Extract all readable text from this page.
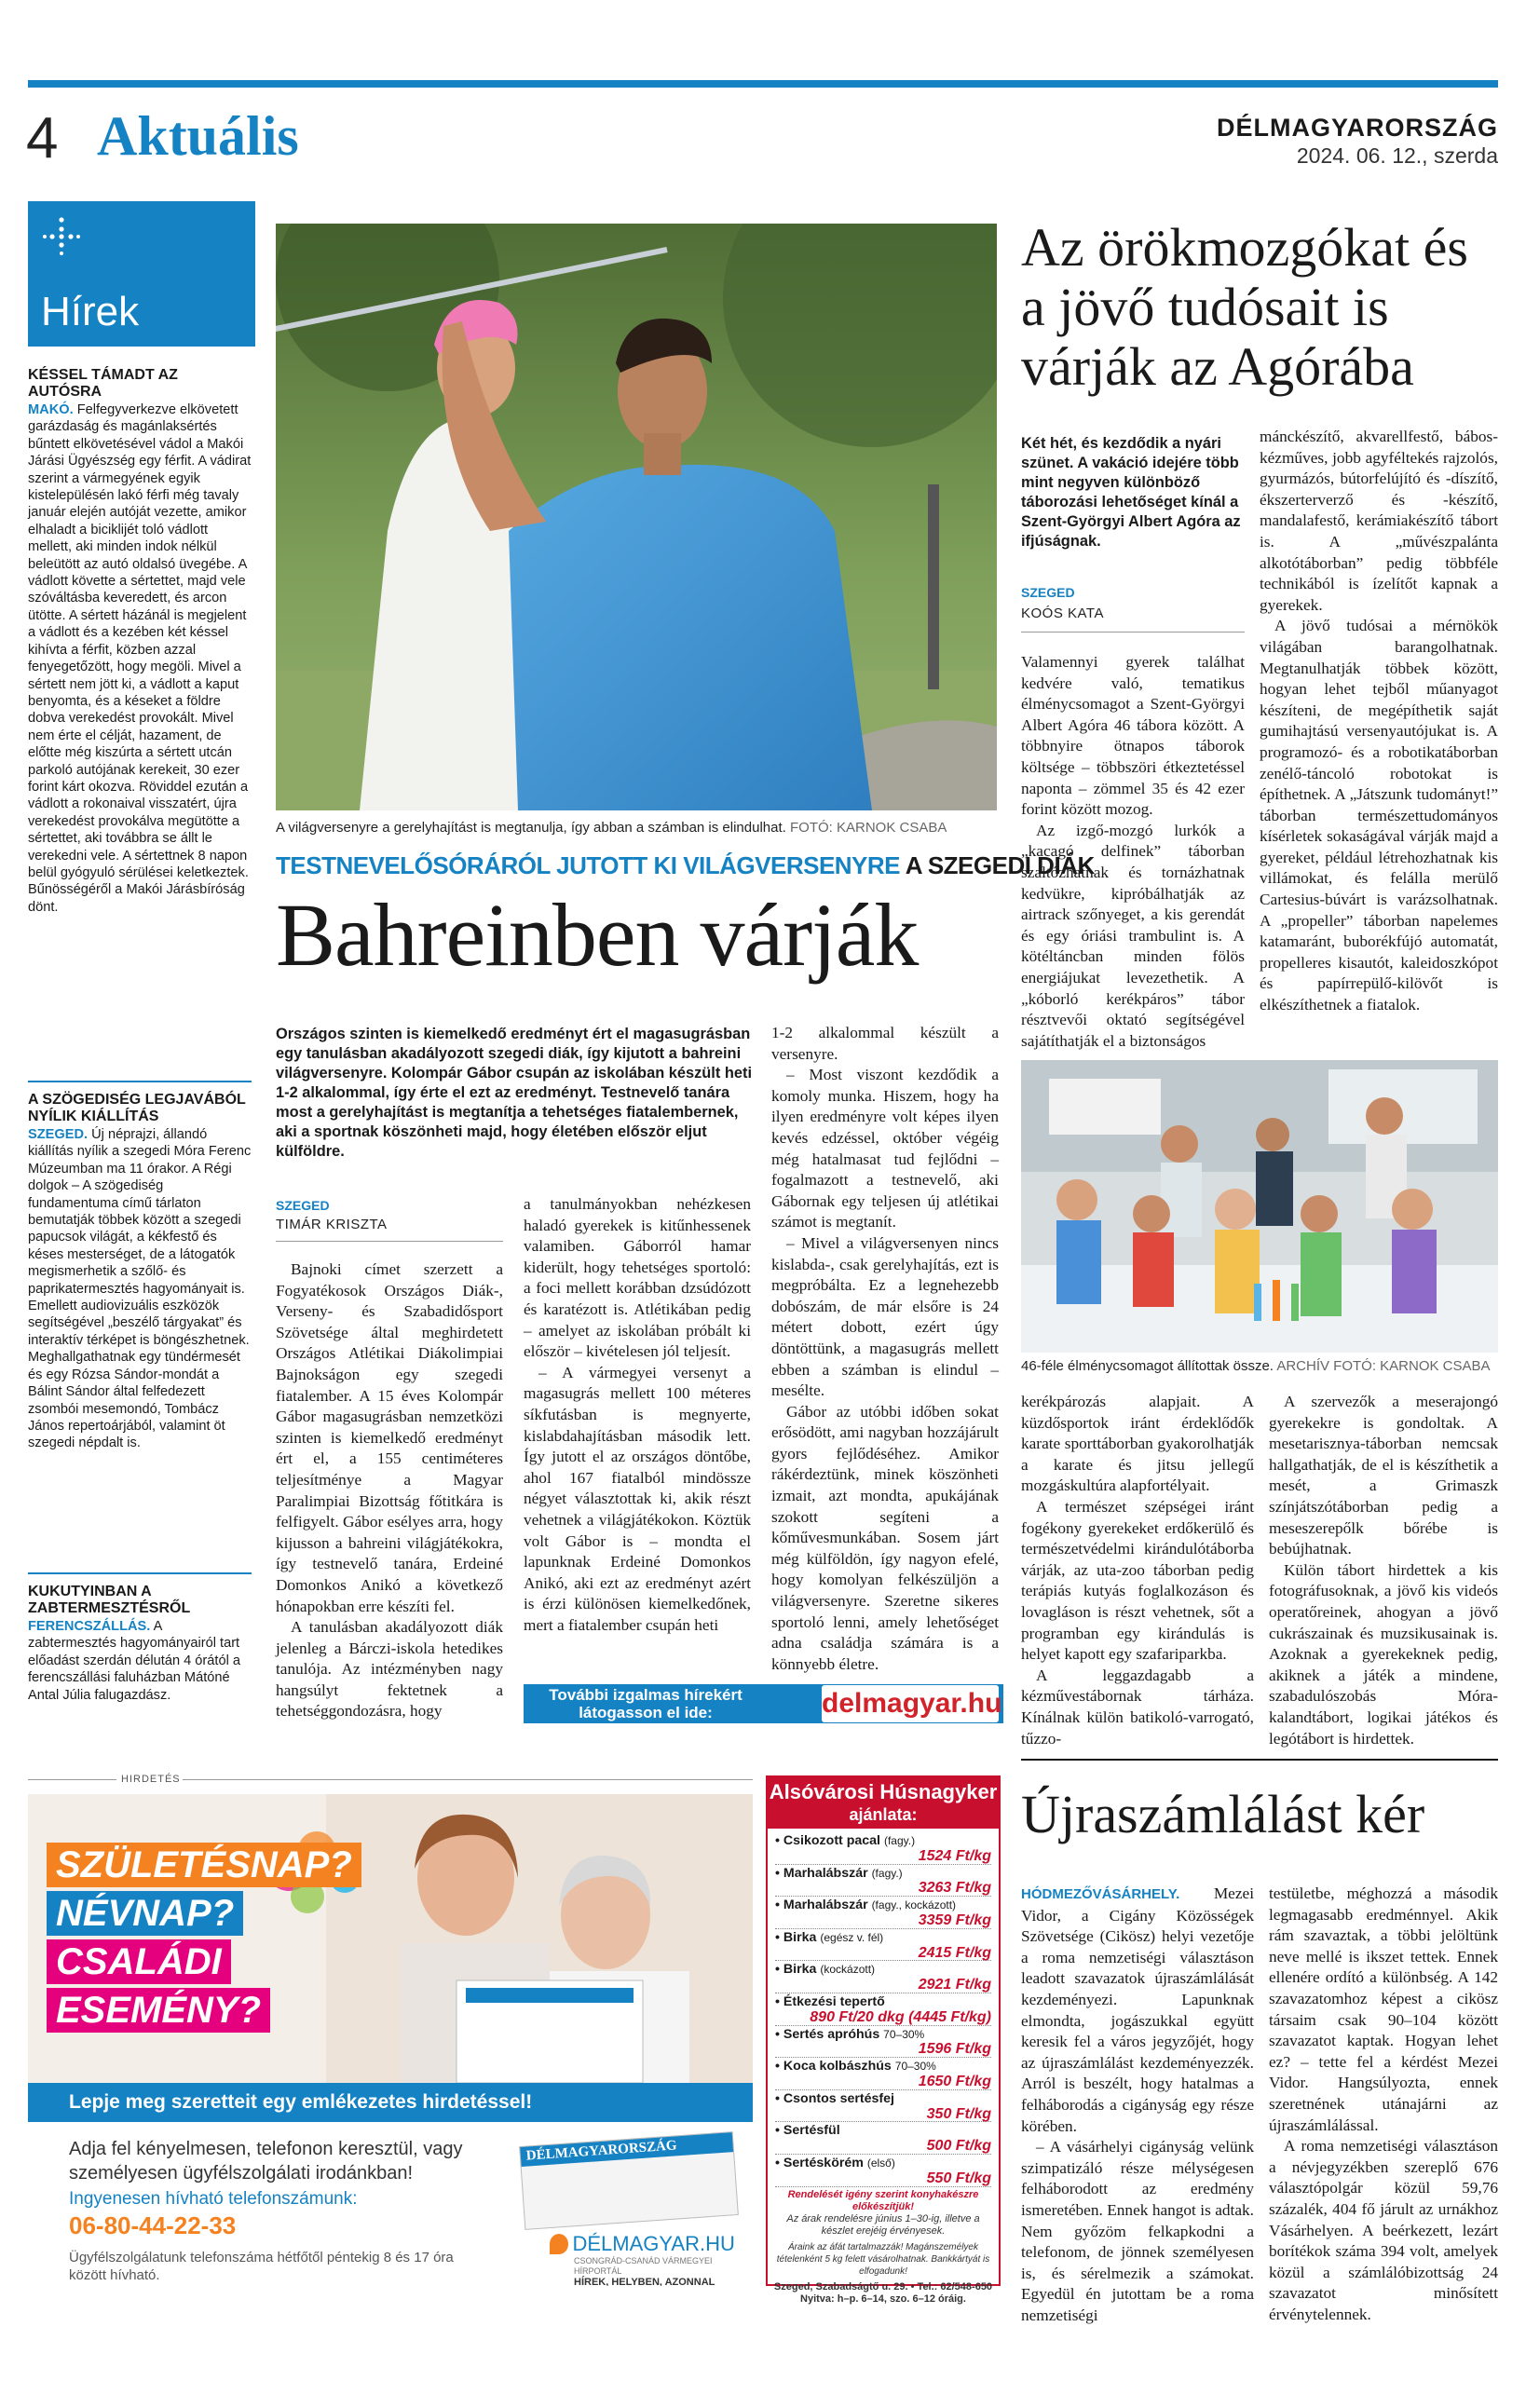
4 Aktuális	DÉLMAGYARORSZÁG
2024. 06. 12., szerda
Hírek
KÉSSEL TÁMADT AZ AUTÓSRA

MAKÓ. Felfegyverkezve elkövetett garázdaság és magánlaksértés bűntett elkövetésével vádol a Makói Járási Ügyészség egy férfit. A vádirat szerint a vármegyének egyik kistelepülésén lakó férfi még tavaly január elején autóját vezette, amikor elhaladt a biciklijét toló vádlott mellett, aki minden indok nélkül beleütött az autó oldalsó üvegébe. A vádlott követte a sértettet, majd vele szóváltásba keveredett, és arcon ütötte. A sértett házánál is megjelent a vádlott és a kezében két késsel kihívta a férfit, közben azzal fenyegetőzött, hogy megöli. Mivel a sértett nem jött ki, a vádlott a kaput benyomta, és a késeket a földre dobva verekedést provokált. Mivel nem érte el célját, hazament, de előtte még kiszúrta a sértett utcán parkoló autójának kerekeit, 30 ezer forint kárt okozva. Röviddel ezután a vádlott a rokonaival visszatért, újra verekedést provokálva megütötte a sértettet, aki továbbra se állt le verekedni vele. A sértettnek 8 napon belül gyógyuló sérülései keletkeztek. Bűnösségéről a Makói Járásbíróság dönt.

A SZÖGEDISÉG LEGJAVÁBÓL NYÍLIK KIÁLLÍTÁS

SZEGED. Új néprajzi, állandó kiállítás nyílik a szegedi Móra Ferenc Múzeumban ma 11 órakor. A Régi dolgok – A szögediség fundamentuma című tárlaton bemutatják többek között a szegedi papucsok világát, a kékfestő és késes mesterséget, de a látogatók megismerhetik a szőlő- és paprikatermesztés hagyományait is. Emellett audiovizuális eszközök segítségével „beszélő tárgyakat” és interaktív térképet is böngészhetnek. Meghallgathatnak egy tündérmesét és egy Rózsa Sándor-mondát a Bálint Sándor által felfedezett zsombói mesemondó, Tombácz János repertoárjából, valamint öt szegedi népdalt is.

KUKUTYINBAN A ZABTERMESZTÉSRŐL

FERENCSZÁLLÁS. A zabtermesztés hagyományairól tart előadást szerdán délután 4 órától a ferencszállási faluházban Mátóné Antal Júlia falugazdász.

A világversenyre a gerelyhajítást is megtanulja, így abban a számban is elindulhat. FOTÓ: KARNOK CSABA
TESTNEVELŐSÓRÁRÓL JUTOTT KI VILÁGVERSENYRE A SZEGEDI DIÁK
Bahreinben várják

Országos szinten is kiemelkedő eredményt ért el magasugrásban egy tanulásban akadályozott szegedi diák, így kijutott a bahreini világversenyre. Kolompár Gábor csupán az iskolában készült heti 1-2 alkalommal, így érte el ezt az eredményt. Testnevelő tanára most a gerelyhajítást is megtanítja a tehetséges fiatalembernek, aki a sportnak köszönheti majd, hogy életében először eljut külföldre.

SZEGED
TIMÁR KRISZTA

Bajnoki címet szerzett a Fogyatékosok Országos Diák-, Verseny- és Szabadidősport Szövetsége által meghirdetett Országos Atlétikai Diákolimpiai Bajnokságon egy szegedi fiatalember. A 15 éves Kolompár Gábor magasugrásban nemzetközi szinten is kiemelkedő eredményt ért el, a 155 centiméteres teljesítménye a Magyar Paralimpiai Bizottság főtitkára is felfigyelt. Gábor esélyes arra, hogy kijusson a bahreini világjátékokra, így testnevelő tanára, Erdeiné Domonkos Anikó a következő hónapokban erre készíti fel.

A tanulásban akadályozott diák jelenleg a Bárczi-iskola hetedikes tanulója. Az intézményben nagy hangsúlyt fektetnek a tehetséggondozásra, hogy

a tanulmányokban nehézkesen haladó gyerekek is kitűnhessenek valamiben. Gáborról hamar kiderült, hogy tehetséges sportoló: a foci mellett korábban dzsúdózott és karatézott is. Atlétikában pedig – amelyet az iskolában próbált ki először – kivételesen jól teljesít.

– A vármegyei versenyt a magasugrás mellett 100 méteres síkfutásban is megnyerte, kislabdahajításban második lett. Így jutott el az országos döntőbe, ahol 167 fiatalból mindössze négyet választottak ki, akik részt vehetnek a világjátékokon. Köztük volt Gábor is – mondta el lapunknak Erdeiné Domonkos Anikó, aki ezt az eredményt azért is érzi különösen kiemelkedőnek, mert a fiatalember csupán heti

1-2 alkalommal készült a versenyre.

– Most viszont kezdődik a komoly munka. Hiszem, hogy ha ilyen eredményre volt képes ilyen kevés edzéssel, október végéig még hatalmasat tud fejlődni – fogalmazott a testnevelő, aki Gábornak egy teljesen új atlétikai számot is megtanít.

– Mivel a világversenyen nincs kislabda-, csak gerelyhajítás, ezt is megpróbálta. Ez a legnehezebb dobószám, de már elsőre is 24 métert dobott, ezért úgy döntöttünk, a magasugrás mellett ebben a számban is elindul – mesélte.

Gábor az utóbbi időben sokat erősödött, ami nagyban hozzájárult gyors fejlődéséhez. Amikor rákérdeztünk, minek köszönheti izmait, azt mondta, apukájának szokott segíteni a kőművesmunkában. Sosem járt még külföldön, így nagyon efelé, hogy komolyan felkészüljön a világversenyre. Szeretne sikeres sportoló lenni, amely lehetőséget adna családja számára is a könnyebb életre.

További izgalmas hírekért látogasson el ide:	delmagyar.hu
Az örökmozgókat és a jövő tudósait is várják az Agórába

Két hét, és kezdődik a nyári szünet. A vakáció idejére több mint negyven különböző táborozási lehetőséget kínál a Szent-Györgyi Albert Agóra az ifjúságnak.

SZEGED
KOÓS KATA

Valamennyi gyerek találhat kedvére való, tematikus élménycsomagot a Szent-Györgyi Albert Agóra 46 tábora között. A többnyire ötnapos táborok költsége – többszöri étkeztetéssel naponta – zömmel 35 és 42 ezer forint között mozog.

Az izgő-mozgó lurkók a „kacagó delfinek” táborban szaltózhatnak és tornázhatnak kedvükre, kipróbálhatják az airtrack szőnyeget, a kis gerendát és egy óriási trambulint is. A kötéltáncban minden fölös energiájukat levezethetik. A „kóborló kerékpáros” tábor résztvevői oktató segítségével sajátíthatják el a biztonságos

mánckészítő, akvarellfestő, bábos-kézműves, jobb agyféltekés rajzolós, gyurmázós, bútorfelújító és -díszítő, ékszerterverző és -készítő, mandalafestő, kerámiakészítő tábort is. A „művészpalánta alkotótáborban” pedig többféle technikából is ízelítőt kapnak a gyerekek.

A jövő tudósai a mérnökök világában barangolhatnak. Megtanulhatják többek között, hogyan lehet tejből műanyagot készíteni, de megépíthetik saját gumihajtású versenyautójukat is. A programozó- és a robotikatáborban zenélő-táncoló robotokat is építhetnek. A „Játszunk tudományt!” táborban természettudományos kísérletek sokaságával várják majd a gyereket, például létrehozhatnak kis villámokat, és felálla merülő Cartesius-búvárt is varázsolhatnak. A „propeller” táborban napelemes katamaránt, buborékfújó automatát, propelleres kisautót, kaleidoszkópot és papírrepülő-kilövőt is elkészíthetnek a fiatalok.

46-féle élménycsomagot állítottak össze. ARCHÍV FOTÓ: KARNOK CSABA

kerékpározás alapjait. A küzdősportok iránt érdeklődők karate sporttáborban gyakorolhatják a karate és jitsu jellegű mozgáskultúra alapfortélyait.

A természet szépségei iránt fogékony gyerekeket erdőkerülő és természetvédelmi kirándulótáborba várják, az uta-zoo táborban pedig terápiás kutyás foglalkozáson és lovagláson is részt vehetnek, sőt a programban egy kirándulás is helyet kapott egy szafariparkba.

A leggazdagabb a kézművestábornak tárháza. Kínálnak külön batikoló-varrogató, tűzzo-

A szervezők a meserajongó gyerekekre is gondoltak. A mesetarisznya-táborban nemcsak hallgathatják, de el is készíthetik a mesét, a Grimaszk színjátszótáborban pedig a meseszerepőlk bőrébe is bebújhatnak.

Külön tábort hirdettek a kis fotográfusoknak, a jövő kis videós operatőreinek, ahogyan a jövő cukrászainak és muzsikusainak is. Azoknak a gyerekeknek pedig, akiknek a játék a mindene, szabadulószobás Móra-kalandtábort, logikai játékos és legótábort is hirdettek.

Újraszámlálást kér

HÓDMEZŐVÁSÁRHELY. Mezei Vidor, a Cigány Közösségek Szövetsége (Cikösz) helyi vezetője a roma nemzetiségi választáson leadott szavazatok újraszámlálását kezdeményezi. Lapunknak elmondta, jogászukkal együtt keresik fel a város jegyzőjét, hogy az újraszámlálást kezdeményezzék. Arról is beszélt, hogy hatalmas a felháborodás a cigányság egy része körében.

– A vásárhelyi cigányság velünk szimpatizáló része mélységesen felháborodott az eredmény ismeretében. Ennek hangot is adtak. Nem győzöm felkapkodni a telefonom, de jönnek személyesen is, és sérelmezik a számokat. Egyedül én jutottam be a roma nemzetiségi

testületbe, méghozzá a második legmagasabb eredménnyel. Akik rám szavaztak, a többi jelöltünk neve mellé is ikszet tettek. Ennek ellenére ordító a különbség. A 142 szavazatomhoz képest a cikösz társaim csak 90–104 között szavazatot kaptak. Hogyan lehet ez? – tette fel a kérdést Mezei Vidor. Hangsúlyozta, ennek szeretnének utánajárni az újraszámlálással.

A roma nemzetiségi választáson a névjegyzékben szereplő 676 választópolgár közül 59,76 százalék, 404 fő járult az urnákhoz Vásárhelyen. A beérkezett, lezárt borítékok száma 394 volt, amelyek közül a számlálóbizottság 24 szavazatot minősített érvénytelennek.

HIRDETÉS
SZÜLETÉSNAP?
NÉVNAP?
CSALÁDI
ESEMÉNY?
Lepje meg szeretteit egy emlékezetes hirdetéssel!
Adja fel kényelmesen, telefonon keresztül, vagy személyesen ügyfélszolgálati irodánkban!
Ingyenesen hívható telefonszámunk:
06-80-44-22-33
Ügyfélszolgálatunk telefonszáma hétfőtől péntekig 8 és 17 óra között hívható.
DÉLMAGYARORSZÁG
DÉLMAGYAR.HU
CSONGRÁD-CSANÁD VÁRMEGYEI HÍRPORTÁL
HÍREK, HELYBEN, AZONNAL
Alsóvárosi Húsnagyker
ajánlata:
• Csikozott pacal (fagy.)
1524 Ft/kg
• Marhalábszár (fagy.)
3263 Ft/kg
• Marhalábszár (fagy., kockázott)
3359 Ft/kg
• Birka (egész v. fél)
2415 Ft/kg
• Birka (kockázott)
2921 Ft/kg
• Étkezési tepertő
890 Ft/20 dkg (4445 Ft/kg)
• Sertés apróhús 70–30%
1596 Ft/kg
• Koca kolbászhús 70–30%
1650 Ft/kg
• Csontos sertésfej
350 Ft/kg
• Sertésfül
500 Ft/kg
• Sertéskörém (első)
550 Ft/kg
Rendelését igény szerint konyhakészre előkészítjük!
Az árak rendelésre június 1–30-ig, illetve a készlet erejéig érvényesek.
Áraink az áfát tartalmazzák! Magánszemélyek tételenként 5 kg felett vásárolhatnak. Bankkártyát is elfogadunk!
Szeged, Szabadságtő u. 29. • Tel.: 62/548-650
Nyitva: h–p. 6–14, szo. 6–12 óráig.
